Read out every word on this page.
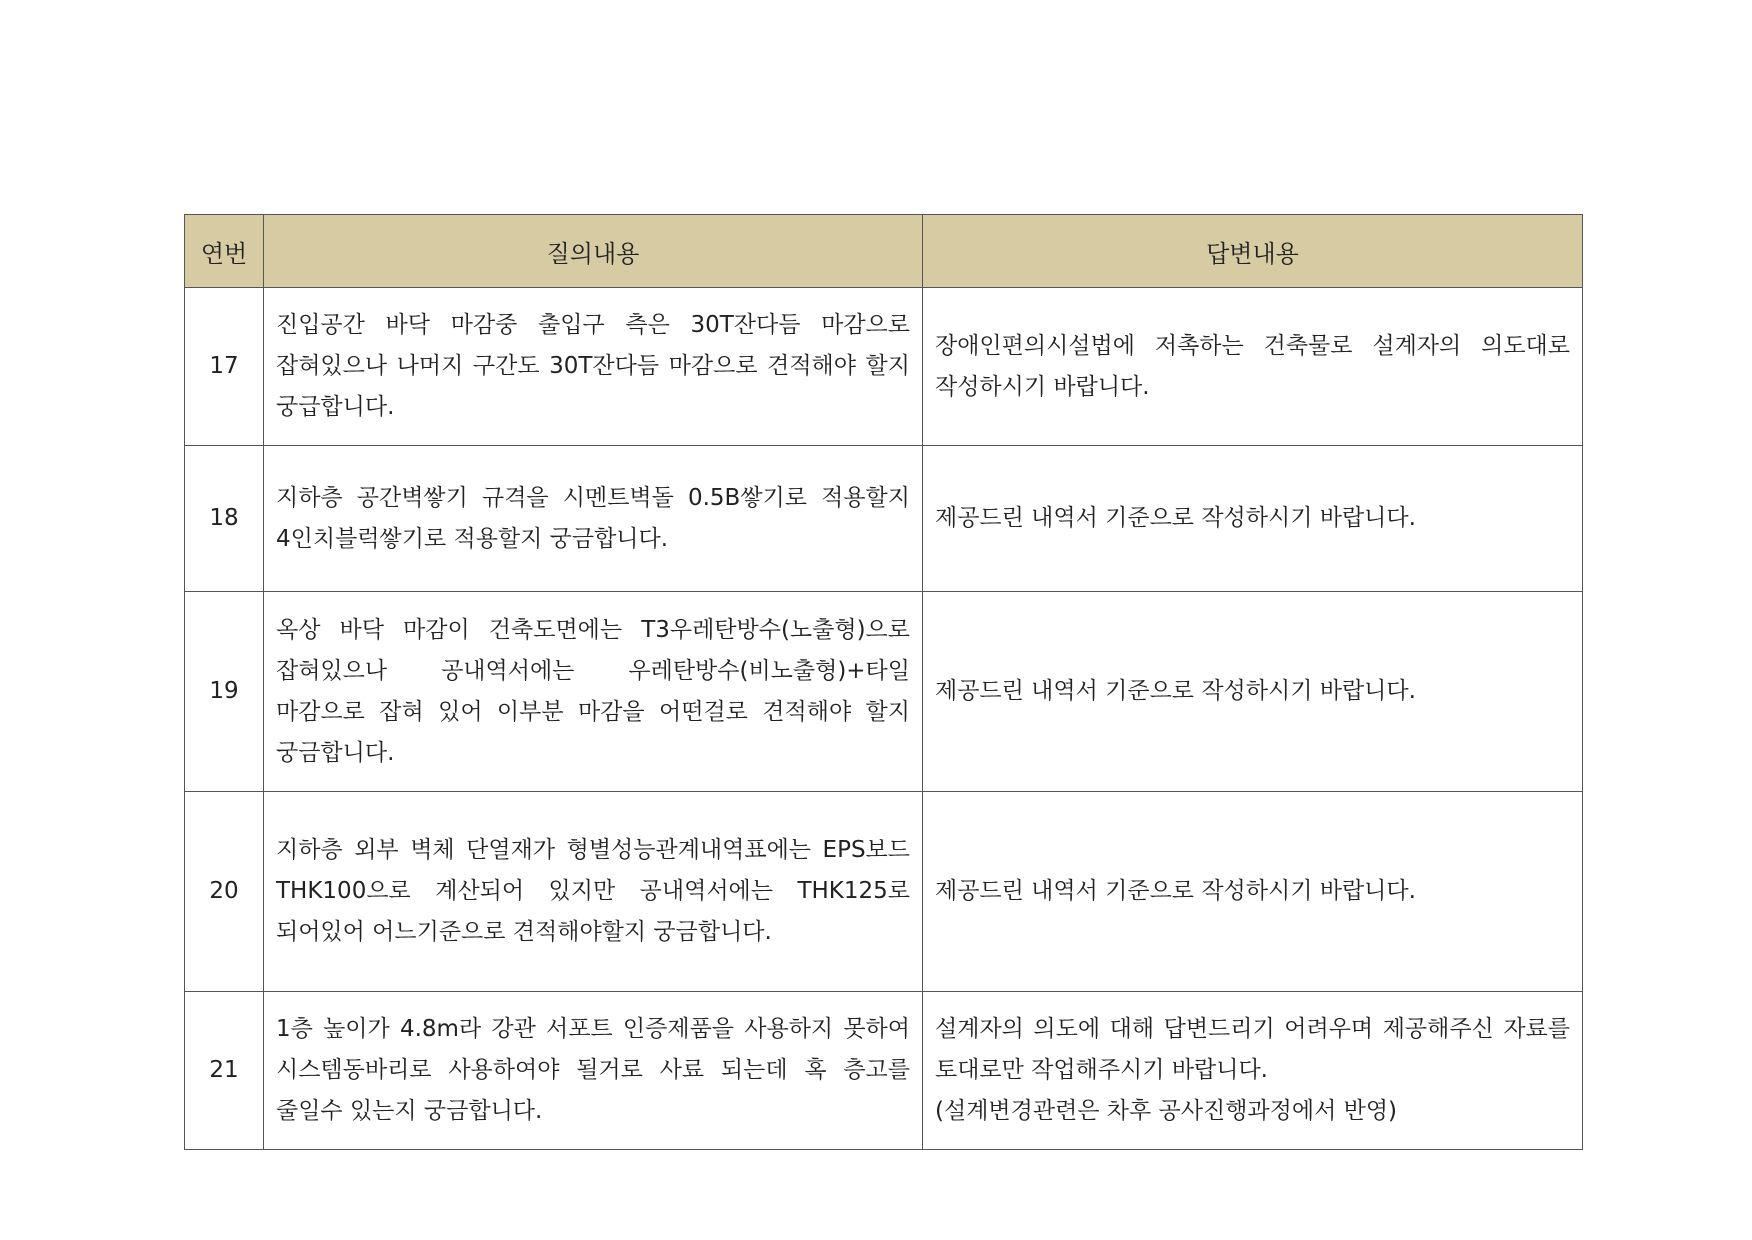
연번	질의내용	답변내용
17	진입공간 바닥 마감중 출입구 측은 30T잔다듬 마감으로 잡혀있으나 나머지 구간도 30T잔다듬 마감으로 견적해야 할지 궁급합니다.	장애인편의시설법에 저촉하는 건축물로 설계자의 의도대로 작성하시기 바랍니다.

18	지하층 공간벽쌓기 규격을 시멘트벽돌 0.5B쌓기로 적용할지 4인치블럭쌓기로 적용할지 궁금합니다.	제공드린 내역서 기준으로 작성하시기 바랍니다.

19	옥상 바닥 마감이 건축도면에는 T3우레탄방수(노출형)으로 잡혀있으나 공내역서에는 우레탄방수(비노출형)+타일 마감으로 잡혀 있어 이부분 마감을 어떤걸로 견적해야 할지 궁금합니다.	제공드린 내역서 기준으로 작성하시기 바랍니다.

20	지하층 외부 벽체 단열재가 형별성능관계내역표에는 EPS보드 THK100으로 계산되어 있지만 공내역서에는 THK125로 되어있어 어느기준으로 견적해야할지 궁금합니다.	제공드린 내역서 기준으로 작성하시기 바랍니다.

21	1층 높이가 4.8m라 강관 서포트 인증제품을 사용하지 못하여 시스템동바리로 사용하여야 될거로 사료 되는데 혹 층고를 줄일수 있는지 궁금합니다.	설계자의 의도에 대해 답변드리기 어려우며 제공해주신 자료를 토대로만 작업해주시기 바랍니다.
(설계변경관련은 차후 공사진행과정에서 반영)
